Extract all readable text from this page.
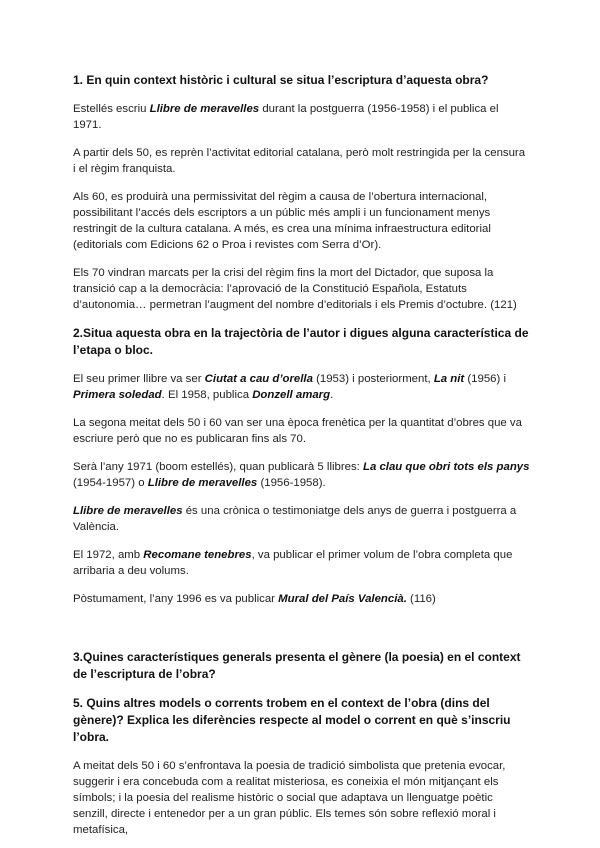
1. En quin context històric i cultural se situa l’escriptura d’aquesta obra?

Estellés escriu Llibre de meravelles durant la postguerra (1956-1958) i el publica el 1971.

A partir dels 50, es reprèn l’activitat editorial catalana, però molt restringida per la censura i el règim franquista.

Als 60, es produirà una permissivitat del règim a causa de l’obertura internacional, possibilitant l’accés dels escriptors a un públic més ampli i un funcionament menys restringit de la cultura catalana. A més, es crea una mínima infraestructura editorial (editorials com Edicions 62 o Proa i revistes com Serra d’Or).

Els 70 vindran marcats per la crisi del règim fins la mort del Dictador, que suposa la transició cap a la democràcia: l’aprovació de la Constitució Española, Estatuts d’autonomia… permetran l’augment del nombre d’editorials i els Premis d’octubre. (121)

2.Situa aquesta obra en la trajectòria de l’autor i digues alguna característica de l’etapa o bloc.

El seu primer llibre va ser Ciutat a cau d’orella (1953) i posteriorment, La nit (1956) i Primera soledad. El 1958, publica Donzell amarg.

La segona meitat dels 50 i 60 van ser una època frenètica per la quantitat d’obres que va escriure però que no es publicaran fins als 70.

Serà l’any 1971 (boom estellés), quan publicarà 5 llibres: La clau que obri tots els panys (1954-1957) o Llibre de meravelles (1956-1958).

Llibre de meravelles és una crònica o testimoniatge dels anys de guerra i postguerra a València.

El 1972, amb Recomane tenebres, va publicar el primer volum de l’obra completa que arribaria a deu volums.

Pòstumament, l’any 1996 es va publicar Mural del País Valencià. (116)

3.Quines característiques generals presenta el gènere (la poesia) en el context de l’escriptura de l’obra?
5. Quins altres models o corrents trobem en el context de l’obra (dins del gènere)? Explica les diferències respecte al model o corrent en què s’inscriu l’obra.

A meitat dels 50 i 60 s’enfrontava la poesia de tradició simbolista que pretenia evocar, suggerir i era concebuda com a realitat misteriosa, es coneixia el món mitjançant els símbols; i la poesia del realisme històric o social que adaptava un llenguatge poètic senzill, directe i entenedor per a un gran públic. Els temes són sobre reflexió moral i metafísica,
